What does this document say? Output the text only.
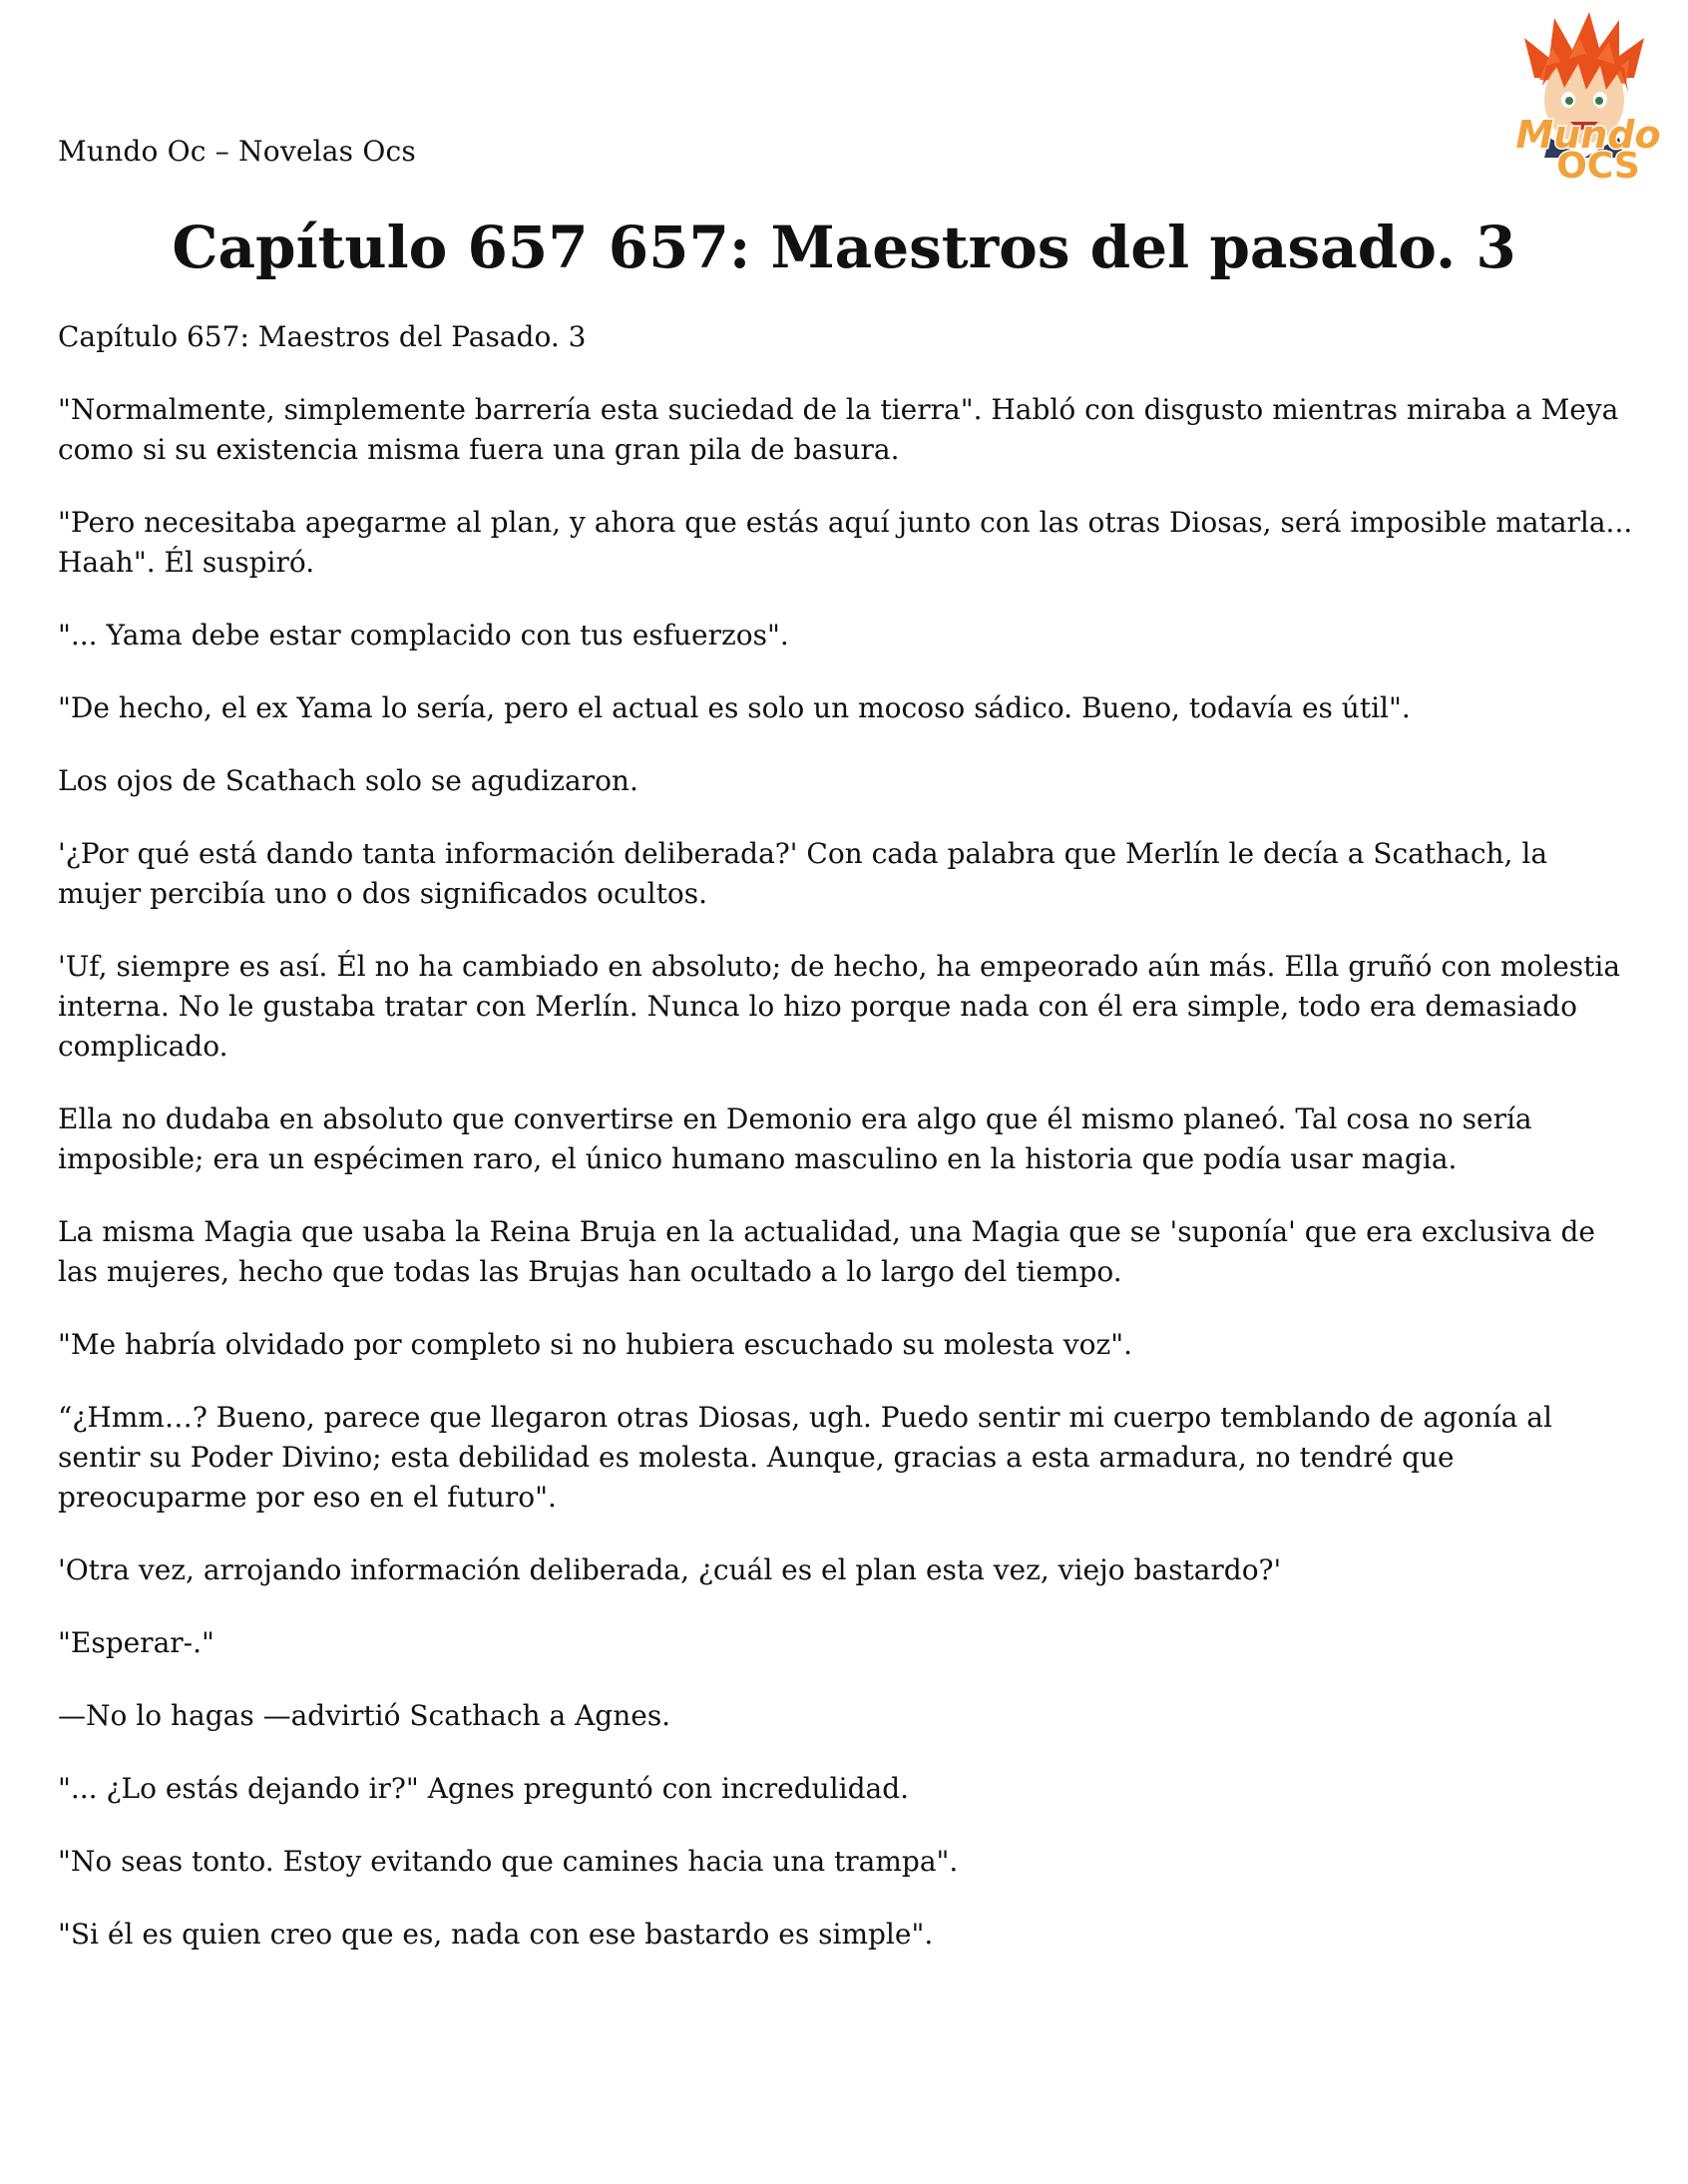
Mundo Oc – Novelas Ocs	Mundo
OCS
Capítulo 657 657: Maestros del pasado. 3

Capítulo 657: Maestros del Pasado. 3

"Normalmente, simplemente barrería esta suciedad de la tierra". Habló con disgusto mientras miraba a Meya como si su existencia misma fuera una gran pila de basura.

"Pero necesitaba apegarme al plan, y ahora que estás aquí junto con las otras Diosas, será imposible matarla... Haah". Él suspiró.

"... Yama debe estar complacido con tus esfuerzos".

"De hecho, el ex Yama lo sería, pero el actual es solo un mocoso sádico. Bueno, todavía es útil".

Los ojos de Scathach solo se agudizaron.

'¿Por qué está dando tanta información deliberada?' Con cada palabra que Merlín le decía a Scathach, la mujer percibía uno o dos significados ocultos.

'Uf, siempre es así. Él no ha cambiado en absoluto; de hecho, ha empeorado aún más. Ella gruñó con molestia interna. No le gustaba tratar con Merlín. Nunca lo hizo porque nada con él era simple, todo era demasiado complicado.

Ella no dudaba en absoluto que convertirse en Demonio era algo que él mismo planeó. Tal cosa no sería imposible; era un espécimen raro, el único humano masculino en la historia que podía usar magia.

La misma Magia que usaba la Reina Bruja en la actualidad, una Magia que se 'suponía' que era exclusiva de las mujeres, hecho que todas las Brujas han ocultado a lo largo del tiempo.

"Me habría olvidado por completo si no hubiera escuchado su molesta voz".

“¿Hmm…? Bueno, parece que llegaron otras Diosas, ugh. Puedo sentir mi cuerpo temblando de agonía al sentir su Poder Divino; esta debilidad es molesta. Aunque, gracias a esta armadura, no tendré que preocuparme por eso en el futuro".

'Otra vez, arrojando información deliberada, ¿cuál es el plan esta vez, viejo bastardo?'

"Esperar-."

—No lo hagas —advirtió Scathach a Agnes.

"... ¿Lo estás dejando ir?" Agnes preguntó con incredulidad.

"No seas tonto. Estoy evitando que camines hacia una trampa".

"Si él es quien creo que es, nada con ese bastardo es simple".
